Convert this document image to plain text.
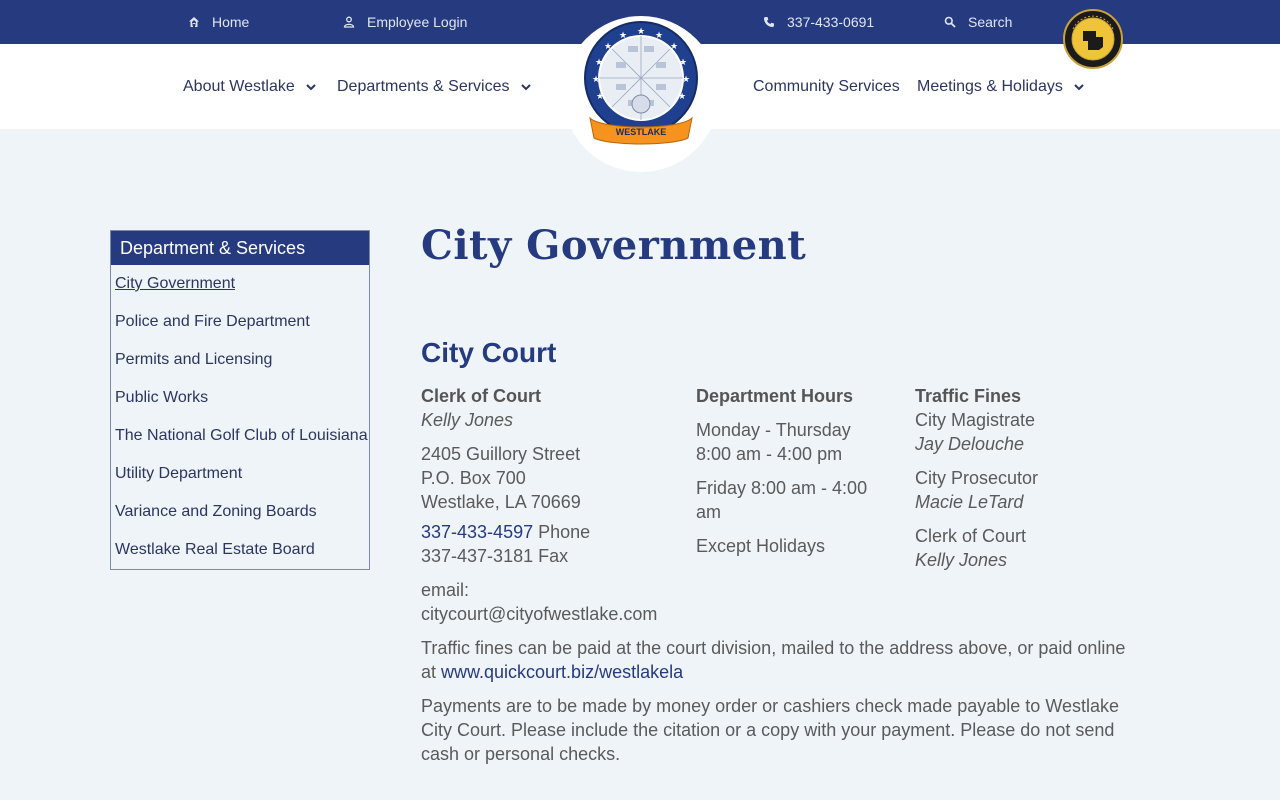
Home	Employee Login	337-433-0691	Search
About Westlake	Departments & Services	Community Services Meetings & Holidays
★ ★
★
★
★
★
★
★
★
★
★
WESTLAKE
Department & Services
City Government
Police and Fire Department
Permits and Licensing
Public Works
The National Golf Club of Louisiana
Utility Department
Variance and Zoning Boards
Westlake Real Estate Board
City Government
City Court
Clerk of Court
Kelly Jones
2405 Guillory Street
P.O. Box 700
Westlake, LA 70669
337-433-4597 Phone
337-437-3181 Fax
email:
citycourt@cityofwestlake.com
Department Hours
Monday - Thursday
8:00 am - 4:00 pm
Friday 8:00 am - 4:00
am
Except Holidays
Traffic Fines
City Magistrate
Jay Delouche
City Prosecutor
Macie LeTard
Clerk of Court
Kelly Jones

Traffic fines can be paid at the court division, mailed to the address above, or paid online at www.quickcourt.biz/westlakela

Payments are to be made by money order or cashiers check made payable to Westlake City Court. Please include the citation or a copy with your payment. Please do not send cash or personal checks.
